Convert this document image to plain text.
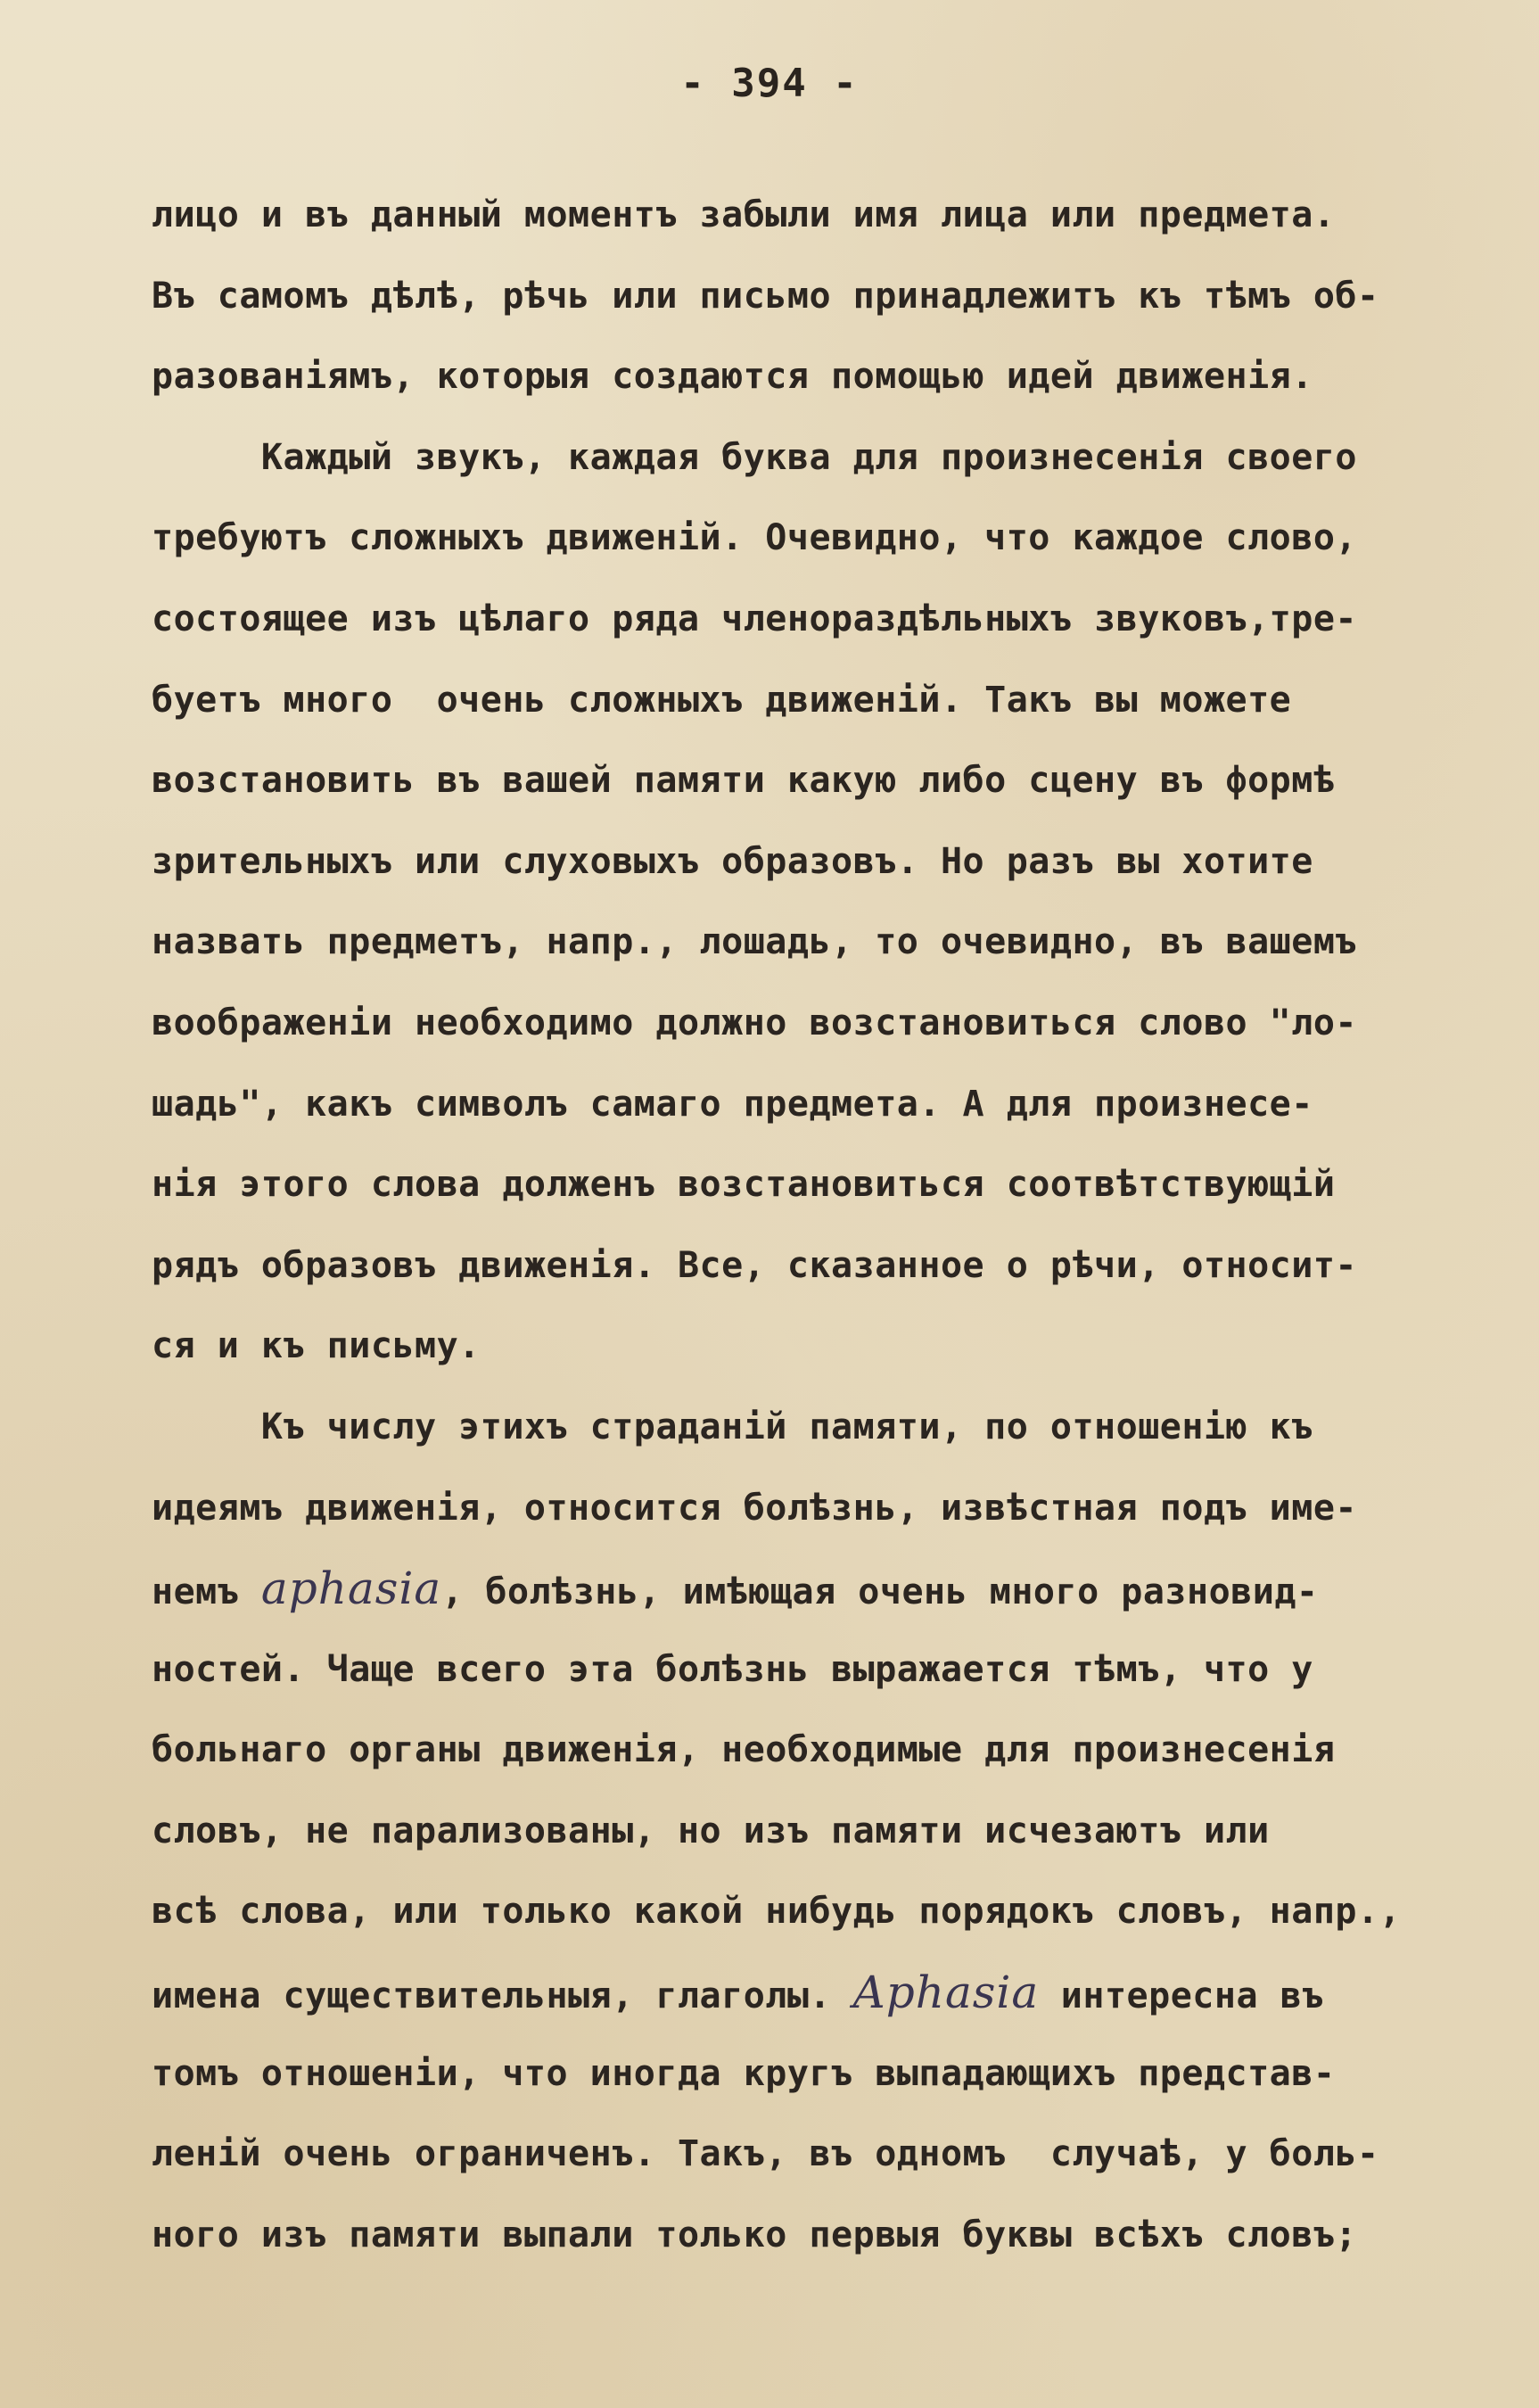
- 394 -
лицо и въ данный моментъ забыли имя лица или предмета.
Въ самомъ дѣлѣ, рѣчь или письмо принадлежитъ къ тѣмъ об-
разованіямъ, которыя создаются помощью идей движенія.
Каждый звукъ, каждая буква для произнесенія своего
требуютъ сложныхъ движеній. Очевидно, что каждое слово,
состоящее изъ цѣлаго ряда членораздѣльныхъ звуковъ,тре-
буетъ много  очень сложныхъ движеній. Такъ вы можете
возстановить въ вашей памяти какую либо сцену въ формѣ
зрительныхъ или слуховыхъ образовъ. Но разъ вы хотите
назвать предметъ, напр., лошадь, то очевидно, въ вашемъ
воображеніи необходимо должно возстановиться слово "ло-
шадь", какъ символъ самаго предмета. А для произнесе-
нія этого слова долженъ возстановиться соотвѣтствующій
рядъ образовъ движенія. Все, сказанное о рѣчи, относит-
ся и къ письму.
Къ числу этихъ страданій памяти, по отношенію къ
идеямъ движенія, относится болѣзнь, извѣстная подъ име-
немъ aphasia, болѣзнь, имѣющая очень много разновид-
ностей. Чаще всего эта болѣзнь выражается тѣмъ, что у
больнаго органы движенія, необходимые для произнесенія
словъ, не парализованы, но изъ памяти исчезаютъ или
всѣ слова, или только какой нибудь порядокъ словъ, напр.,
имена существительныя, глаголы. Aphasia интересна въ
томъ отношеніи, что иногда кругъ выпадающихъ представ-
леній очень ограниченъ. Такъ, въ одномъ  случаѣ, у боль-
ного изъ памяти выпали только первыя буквы всѣхъ словъ;
